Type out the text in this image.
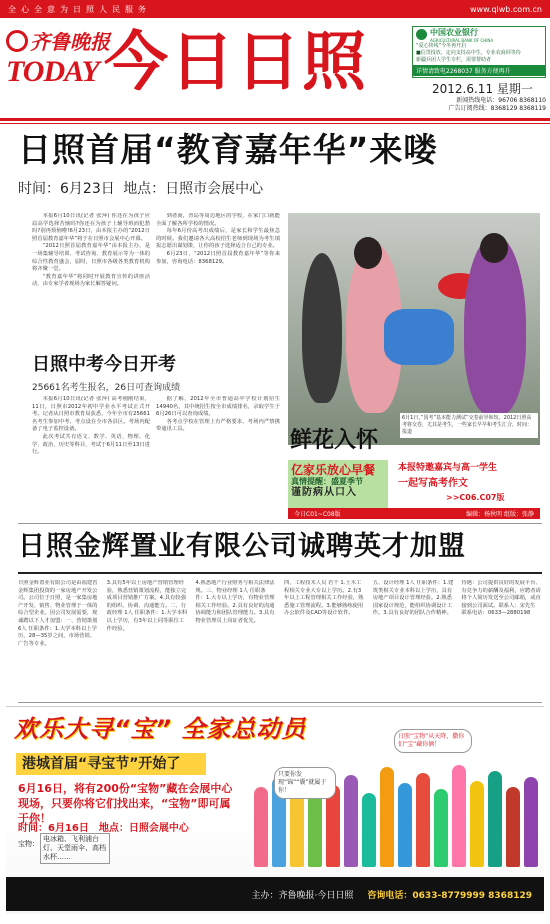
全心全意为日照人民服务	www.qlwb.com.cn
齐鲁晚报
TODAY 今日日照	中国农业银行
AGRICULTURAL BANK OF CHINA
“爱心快线”今冬再开启
■信贷投放、定向支持高中生，专业农商同等待
新疆兵团人学生专栏，需要帮助者
详情请致电2268037 服务方便再升
2012.6.11 星期一
新闻热线电话：96706 8368110
广告订阅热线：8368129 8368119
日照首届“教育嘉年华”来喽
时间：6月23日 地点：日照市会展中心

本报6月10日讯(记者 张萍) 你还在为孩子应届高学选择苦恼吗?你还在为孩子上辅导班而犯愁吗?别再烦恼啦!6月23日，由本报主办的“2012日照首届教育嘉年华”将于在日照市会展中心开幕。

“2012日照首届教育嘉年华”由本报主办，是一场集辅导培训、考试咨询、教育展示等为一体的综合性教育盛会，届时，日照市各级各类教育机构将齐聚一堂。

“教育嘉年华”将同时开展教育宣传的讲座活动，由专家学者现场为家长解答疑问。

到者而，青岛等周边地区的学校，在家门口就能全面了解各所学校的情况。

每年6月份高考出成绩后，是家长和学生最焦急的时候。我们邀请各大高校招生老师到现场为考生填报志愿出谋划策，让你的孩子选择适合自己的专业。

6月23日，“2012日照首届教育嘉年华”等你来参加，咨询电话：8368129。

6月1日，”国考”基本能力测试”交卷前异和短。2012日照高考将交卷，尤其是考生，一些家长早早和考生汇合，时间：报道
日照中考今日开考
25661名考生报名，26日可查询成绩

本报6月10日讯(记者 张萍) 高考刚刚结束，11日，日照市2012年初中学业水平考试正式开考。记者从日照市教育局获悉，今年全市有25661名考生参加中考，考点设在全市各县区。考场内配备了电子监控设备。

此次考试共有语文、数学、英语、物理、化学、政治、历史等科目，考试于6月11日至13日进行。

据了解，2012年全市普通高中学校计划招生14940名，其中统招生按全市成绩排名，录取学生于6月26日可以查询成绩。

各考点学校在管理上有严格要求，考场内严禁携带通讯工具。	鲜花入怀
亿家乐放心早餐
真情提醒：盛夏季节
谨防病从口入
本报特邀嘉宾与高一学生
一起写高考作文
>>C06.C07版
今日C01~C08版	编辑：杨秋明 组版：张静
日照金辉置业有限公司诚聘英才加盟
日照金辉置业有限公司是由福建省金辉集团投资的一家房地产开发公司。公司位于日照，是一家集房地产开发、销售、物业管理于一体的综合型企业。因公司发展需要，现诚聘以下人才加盟：一、营销策划 6人 任职条件：1.大学本科以上学历，28—35岁之间，市场营销、广告等专业。
3.具有5年以上房地产营销管理经验，熟悉营销策划流程，能独立完成项目营销推广方案。4.具有较强的组织、协调、沟通能力。二、行政经理 1人 任职条件：1.大学本科以上学历，有3年以上同等职位工作经验。
4.熟悉地产行业财务与相关法律法规。三、物业经理 1人 任职条件：1.大专以上学历，有物业管理相关工作经验。2.具有良好的沟通协调能力和团队管理能力。3.具有物业管理员上岗证者优先。
四、工程技术人员 若干 1.土木工程相关专业大专以上学历。2.有3年以上工程管理相关工作经验，熟悉施工管理流程。3.能够熟练使用办公软件及CAD等设计软件。
五、设计经理 1人 任职条件：1.建筑类相关专业本科以上学历，具有房地产项目设计管理经验。2.熟悉国家设计规范，能组织协调设计工作。3.具有良好的团队合作精神。
待遇：公司提供良好的发展平台、有竞争力的薪酬及福利，应聘者请将个人简历发送至公司邮箱，或直接到公司面试。联系人：宋先生 联系电话：0633—2880198
欢乐大寻“宝” 全家总动员
港城首届“寻宝节”开始了
6月16日，将有200份“宝物”藏在会展中心现场，只要你将它们找出来，“宝物”即可属于你！
时间：6月16日　地点：日照会展中心
宝物：
电冰箱、飞利浦台灯、天堂雨伞、高档水杯……
只要你发现“锦”“囊”就属于你！
日照“宝物”从天降，撒你们“宝”藏你俩！
主办：齐鲁晚报·今日日照 咨询电话：0633-8779999 8368129
